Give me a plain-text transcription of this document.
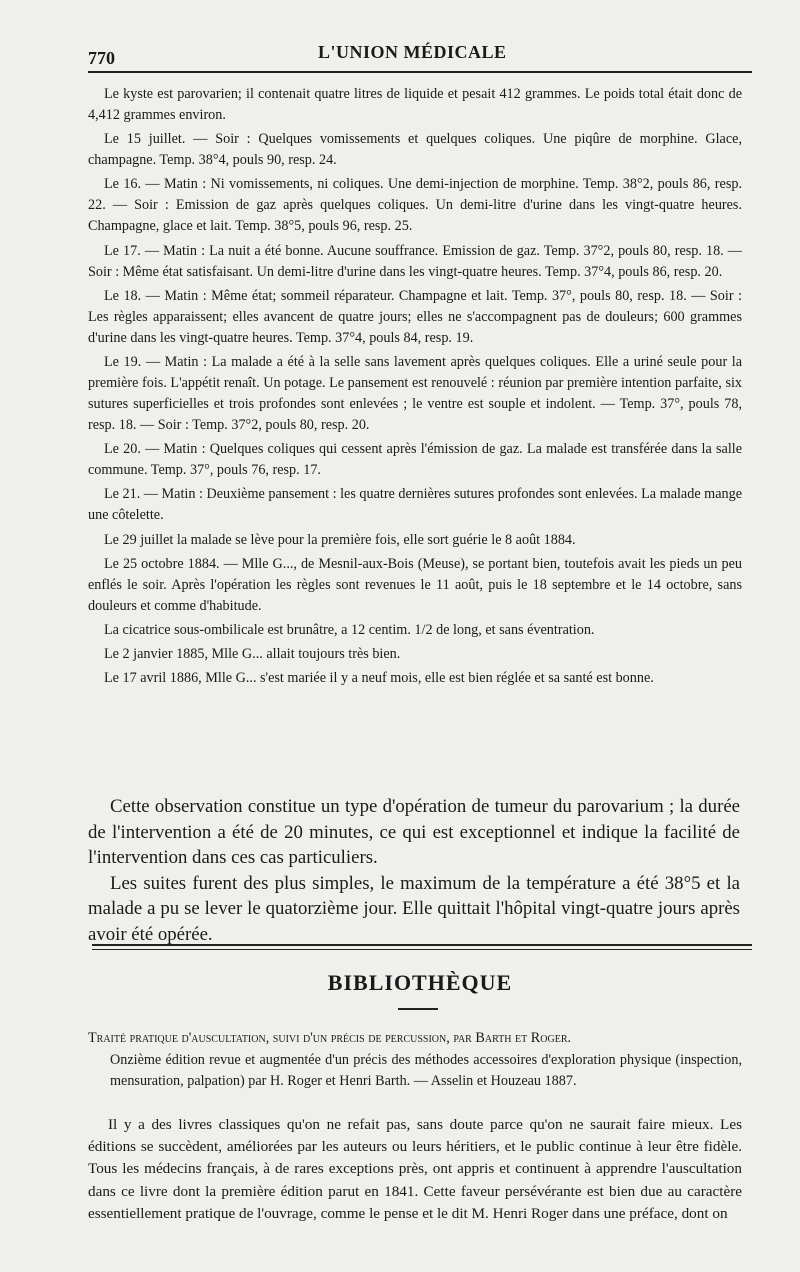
770	L'UNION MÉDICALE

Le kyste est parovarien; il contenait quatre litres de liquide et pesait 412 grammes. Le poids total était donc de 4,412 grammes environ.

Le 15 juillet. — Soir : Quelques vomissements et quelques coliques. Une piqûre de morphine. Glace, champagne. Temp. 38°4, pouls 90, resp. 24.

Le 16. — Matin : Ni vomissements, ni coliques. Une demi-injection de morphine. Temp. 38°2, pouls 86, resp. 22. — Soir : Emission de gaz après quelques coliques. Un demi-litre d'urine dans les vingt-quatre heures. Champagne, glace et lait. Temp. 38°5, pouls 96, resp. 25.

Le 17. — Matin : La nuit a été bonne. Aucune souffrance. Emission de gaz. Temp. 37°2, pouls 80, resp. 18. — Soir : Même état satisfaisant. Un demi-litre d'urine dans les vingt-quatre heures. Temp. 37°4, pouls 86, resp. 20.

Le 18. — Matin : Même état; sommeil réparateur. Champagne et lait. Temp. 37°, pouls 80, resp. 18. — Soir : Les règles apparaissent; elles avancent de quatre jours; elles ne s'accompagnent pas de douleurs; 600 grammes d'urine dans les vingt-quatre heures. Temp. 37°4, pouls 84, resp. 19.

Le 19. — Matin : La malade a été à la selle sans lavement après quelques coliques. Elle a uriné seule pour la première fois. L'appétit renaît. Un potage. Le pansement est renouvelé : réunion par première intention parfaite, six sutures superficielles et trois profondes sont enlevées ; le ventre est souple et indolent. — Temp. 37°, pouls 78, resp. 18. — Soir : Temp. 37°2, pouls 80, resp. 20.

Le 20. — Matin : Quelques coliques qui cessent après l'émission de gaz. La malade est transférée dans la salle commune. Temp. 37°, pouls 76, resp. 17.

Le 21. — Matin : Deuxième pansement : les quatre dernières sutures profondes sont enlevées. La malade mange une côtelette.

Le 29 juillet la malade se lève pour la première fois, elle sort guérie le 8 août 1884.

Le 25 octobre 1884. — Mlle G..., de Mesnil-aux-Bois (Meuse), se portant bien, toutefois avait les pieds un peu enflés le soir. Après l'opération les règles sont revenues le 11 août, puis le 18 septembre et le 14 octobre, sans douleurs et comme d'habitude.

La cicatrice sous-ombilicale est brunâtre, a 12 centim. 1/2 de long, et sans éventration.

Le 2 janvier 1885, Mlle G... allait toujours très bien.

Le 17 avril 1886, Mlle G... s'est mariée il y a neuf mois, elle est bien réglée et sa santé est bonne.

Cette observation constitue un type d'opération de tumeur du parovarium ; la durée de l'intervention a été de 20 minutes, ce qui est exceptionnel et indique la facilité de l'intervention dans ces cas particuliers.

Les suites furent des plus simples, le maximum de la température a été 38°5 et la malade a pu se lever le quatorzième jour. Elle quittait l'hôpital vingt-quatre jours après avoir été opérée.

BIBLIOTHÈQUE
Traité pratique d'auscultation, suivi d'un précis de percussion, par Barth et Roger.
Onzième édition revue et augmentée d'un précis des méthodes accessoires d'exploration physique (inspection, mensuration, palpation) par H. Roger et Henri Barth. — Asselin et Houzeau 1887.

Il y a des livres classiques qu'on ne refait pas, sans doute parce qu'on ne saurait faire mieux. Les éditions se succèdent, améliorées par les auteurs ou leurs héritiers, et le public continue à leur être fidèle. Tous les médecins français, à de rares exceptions près, ont appris et continuent à apprendre l'auscultation dans ce livre dont la première édition parut en 1841. Cette faveur persévérante est bien due au caractère essentiellement pratique de l'ouvrage, comme le pense et le dit M. Henri Roger dans une préface, dont on
